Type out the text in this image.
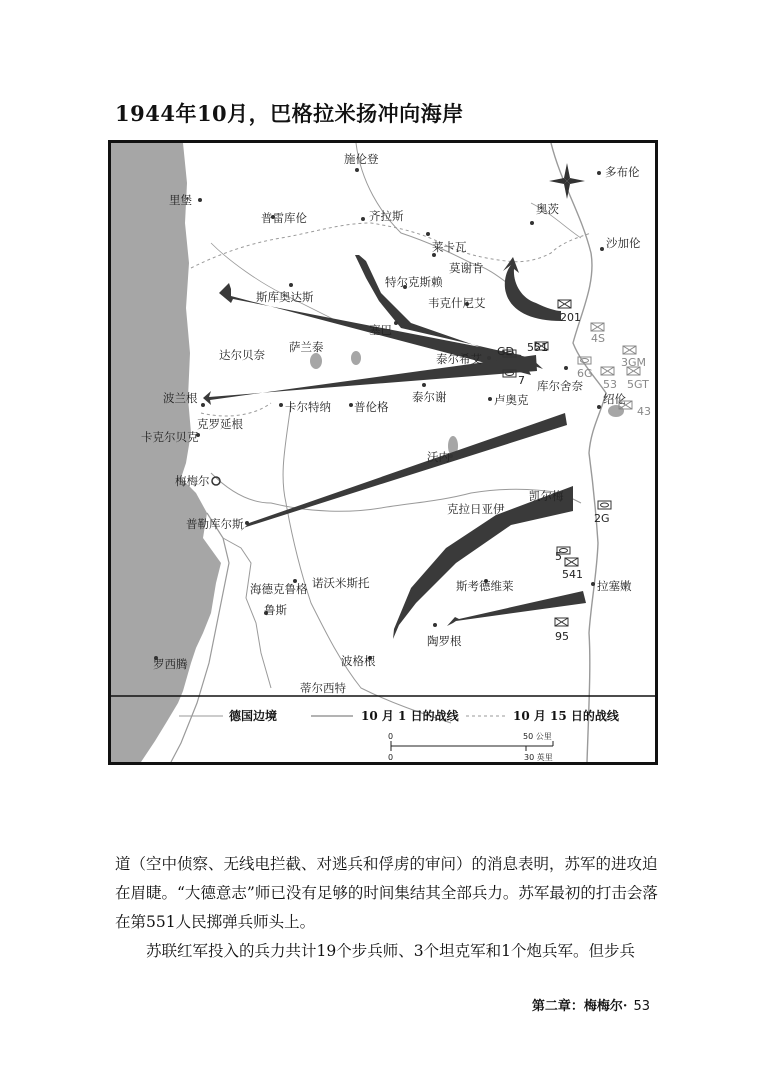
1944年10月，巴格拉米扬冲向海岸
施伦登
多布伦
里堡
普雷库伦	齐拉斯	奥茨
莱卡瓦	沙加伦
莫谢肯
特尔克斯赖
斯库奥达斯	韦克什尼艾
塞巴
达尔贝奈
萨兰泰
泰尔希艾
库尔舍奈
波兰根	泰尔谢	卢奥克	绍伦
克罗延根
卡尔特纳 普伦格
卡克尔贝克
沃内
梅梅尔
凯尔梅
克拉日亚伊
普勒库尔斯
海德克鲁格 诺沃米斯托	斯考德维莱	拉塞嫩
鲁斯
陶罗根
罗西腾	波格根
蒂尔西特
201
4S
3GM
6G
53 5GT
43
GD 551
7
2G
5
541
95
德国边境	10 月 1 日的战线	10 月 15 日的战线
0	50 公里
0	30 英里
道（空中侦察、无线电拦截、对逃兵和俘虏的审问）的消息表明，苏军的进攻迫在眉睫。“大德意志”师已没有足够的时间集结其全部兵力。苏军最初的打击会落在第551人民掷弹兵师头上。
苏联红军投入的兵力共计19个步兵师、3个坦克军和1个炮兵军。但步兵
第二章：梅梅尔· 53
